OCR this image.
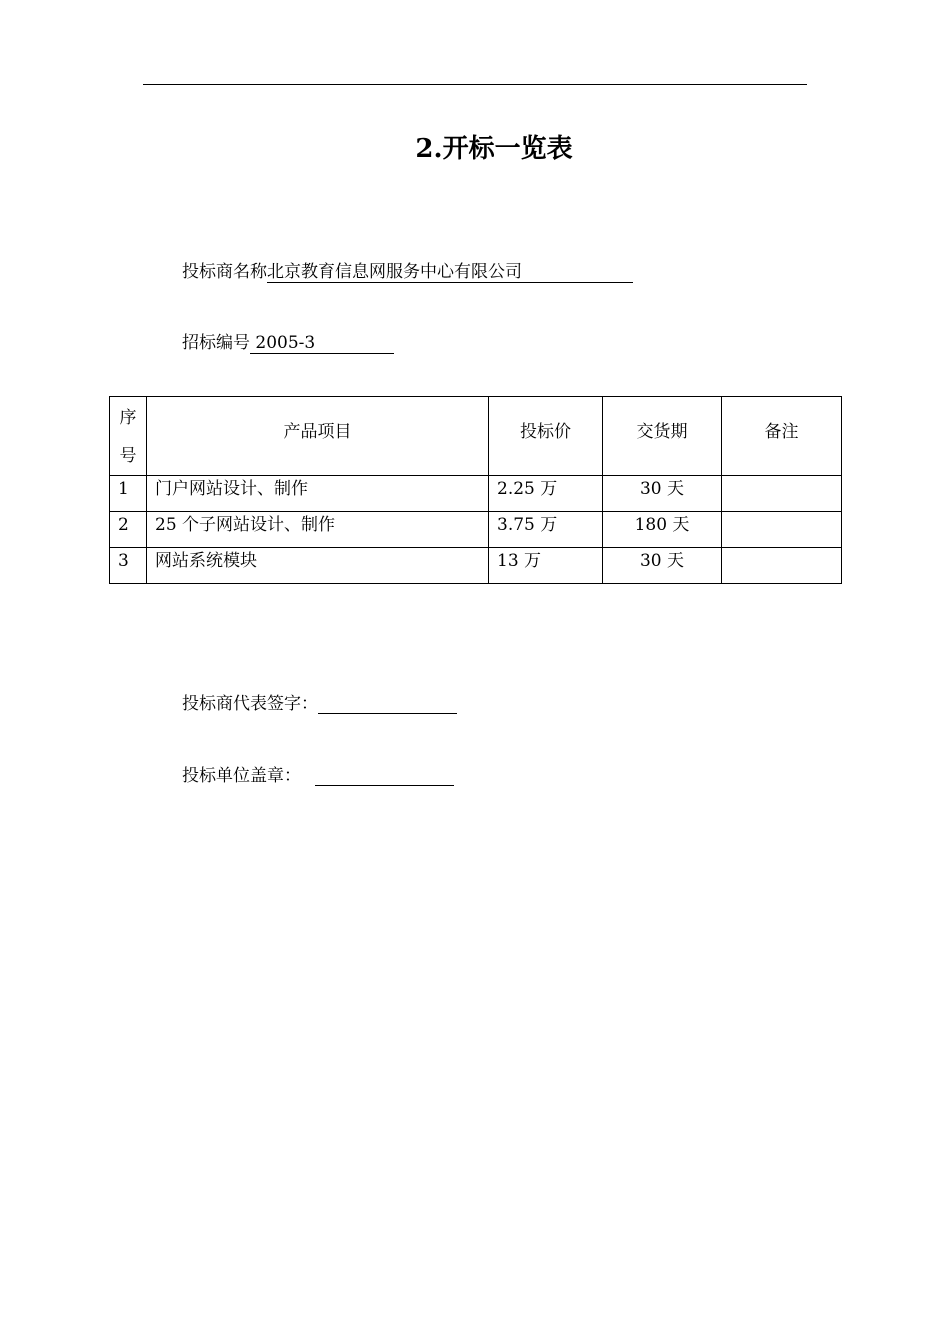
2.开标一览表
投标商名称北京教育信息网服务中心有限公司
招标编号 2005-3
序
号	产品项目	投标价	交货期	备注
1	门户网站设计、制作	2.25 万	30 天	
2	25 个子网站设计、制作	3.75 万	180 天	
3	网站系统模块	13 万	30 天	
投标商代表签字：
投标单位盖章：
